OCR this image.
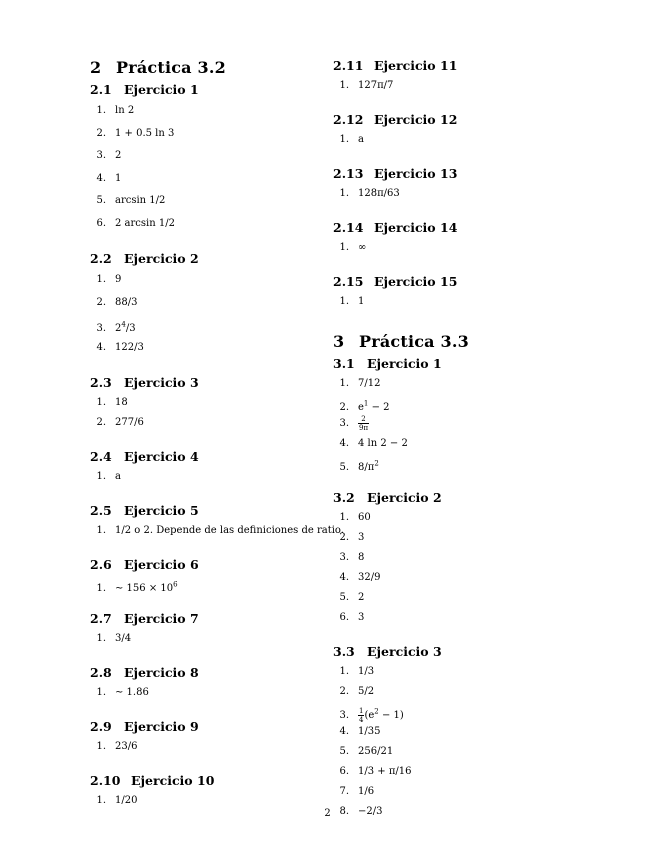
2 Práctica 3.2
2.1 Ejercicio 1
1. ln 2
2. 1 + 0.5 ln 3
3. 2
4. 1
5. arcsin 1/2
6. 2 arcsin 1/2
2.2 Ejercicio 2
1. 9
2. 88/3
3. $2^4/3$
4. 122/3
2.3 Ejercicio 3
1. 18
2. 277/6
2.4 Ejercicio 4
1. a
2.5 Ejercicio 5
1. 1/2 o 2. Depende de las definiciones de ratio.
2.6 Ejercicio 6
1. ∼ $156 \times 10^6$
2.7 Ejercicio 7
1. 3/4
2.8 Ejercicio 8
1. ∼ 1.86
2.9 Ejercicio 9
1. 23/6
2.10 Ejercicio 10
1. 1/20
2.11 Ejercicio 11
1. 127π/7
2.12 Ejercicio 12
1. a
2.13 Ejercicio 13
1. 128π/63
2.14 Ejercicio 14
1. ∞
2.15 Ejercicio 15
1. 1
3 Práctica 3.3
3.1 Ejercicio 1
1. 7/12
2. $e^1 - 2$
3. $\frac{2}{9\pi}$
4. 4 ln 2 − 2
5. $8/\pi^2$
3.2 Ejercicio 2
1. 60
2. 3
3. 8
4. 32/9
5. 2
6. 3
3.3 Ejercicio 3
1. 1/3
2. 5/2
3. $\frac{1}{4} (e^2 - 1)$
4. 1/35
5. 256/21
6. 1/3 + π/16
7. 1/6
8. −2/3
2
